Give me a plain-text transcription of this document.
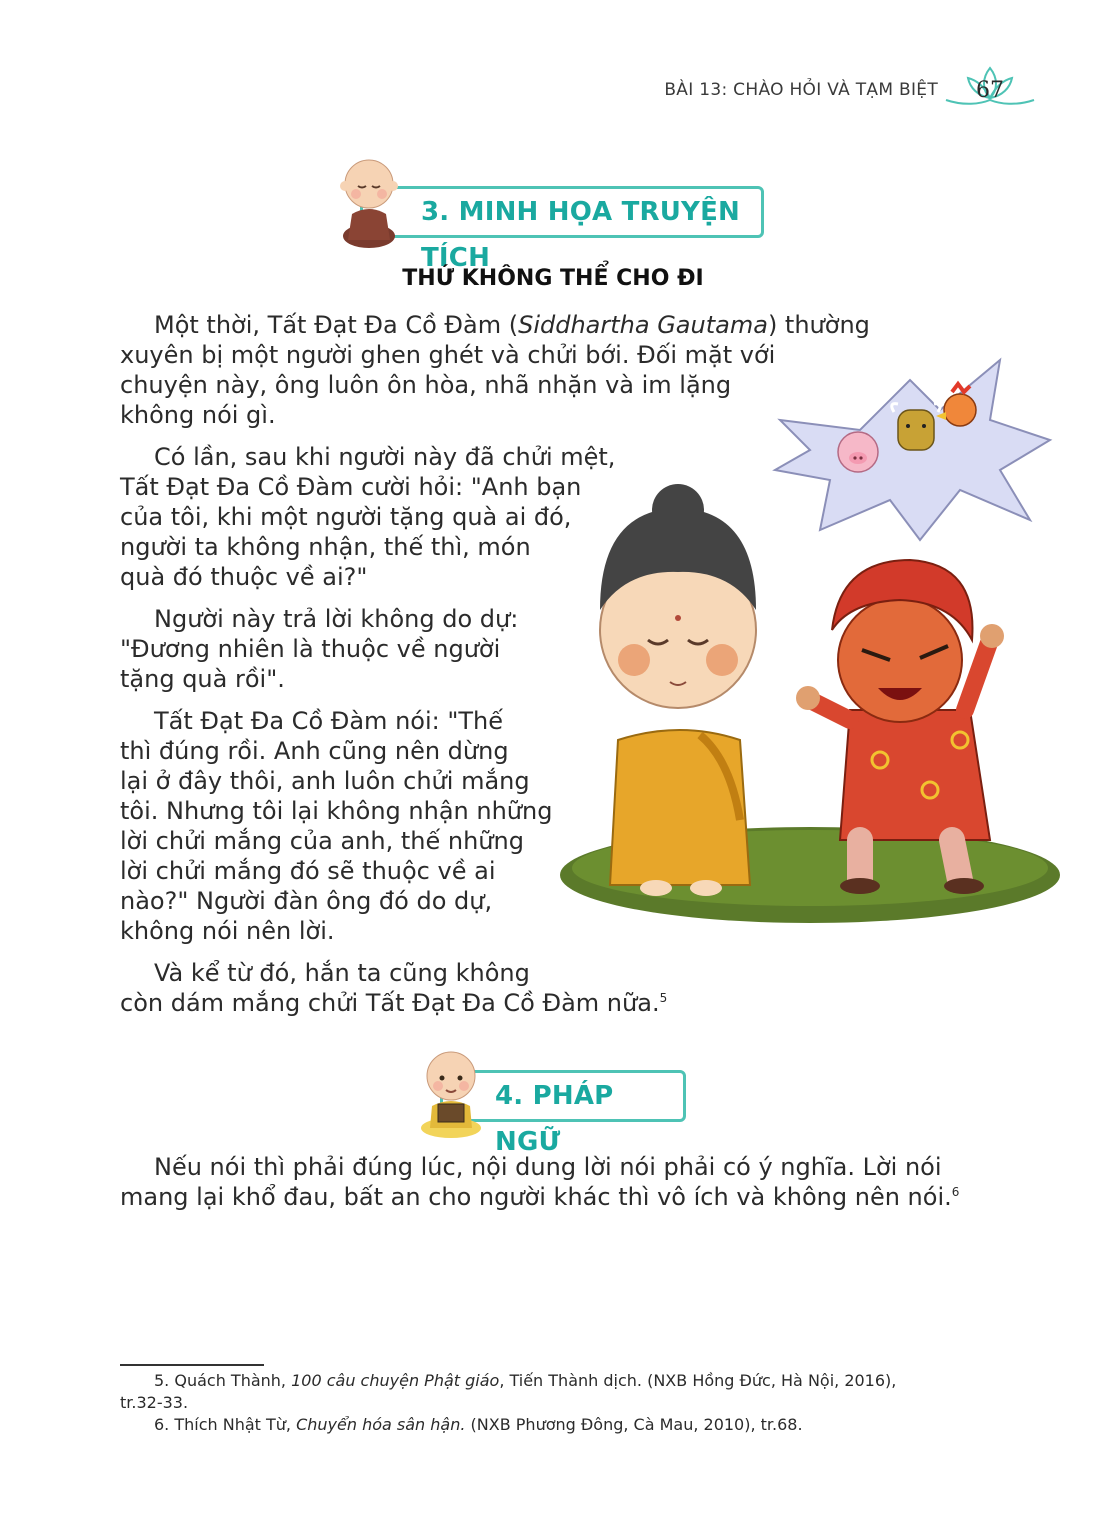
BÀI 13: CHÀO HỎI VÀ TẠM BIỆT 67
3. MINH HỌA TRUYỆN TÍCH
THỨ KHÔNG THỂ CHO ĐI

Một thời, Tất Đạt Đa Cồ Đàm (Siddhartha Gautama) thường

xuyên bị một người ghen ghét và chửi bới. Đối mặt với

chuyện này, ông luôn ôn hòa, nhã nhặn và im lặng

không nói gì.

Có lần, sau khi người này đã chửi mệt,

Tất Đạt Đa Cồ Đàm cười hỏi: "Anh bạn

của tôi, khi một người tặng quà ai đó,

người ta không nhận, thế thì, món

quà đó thuộc về ai?"

Người này trả lời không do dự:

"Đương nhiên là thuộc về người

tặng quà rồi".

Tất Đạt Đa Cồ Đàm nói: "Thế

thì đúng rồi. Anh cũng nên dừng

lại ở đây thôi, anh luôn chửi mắng

tôi. Nhưng tôi lại không nhận những

lời chửi mắng của anh, thế những

lời chửi mắng đó sẽ thuộc về ai

nào?" Người đàn ông đó do dự,

không nói nên lời.

Và kể từ đó, hắn ta cũng không

còn dám mắng chửi Tất Đạt Đa Cồ Đàm nữa.$^5$

4. PHÁP NGỮ

Nếu nói thì phải đúng lúc, nội dung lời nói phải có ý nghĩa. Lời nói

mang lại khổ đau, bất an cho người khác thì vô ích và không nên nói.$^6$

5. Quách Thành, 100 câu chuyện Phật giáo, Tiến Thành dịch. (NXB Hồng Đức, Hà Nội, 2016),
tr.32-33.
6. Thích Nhật Từ, Chuyển hóa sân hận. (NXB Phương Đông, Cà Mau, 2010), tr.68.
